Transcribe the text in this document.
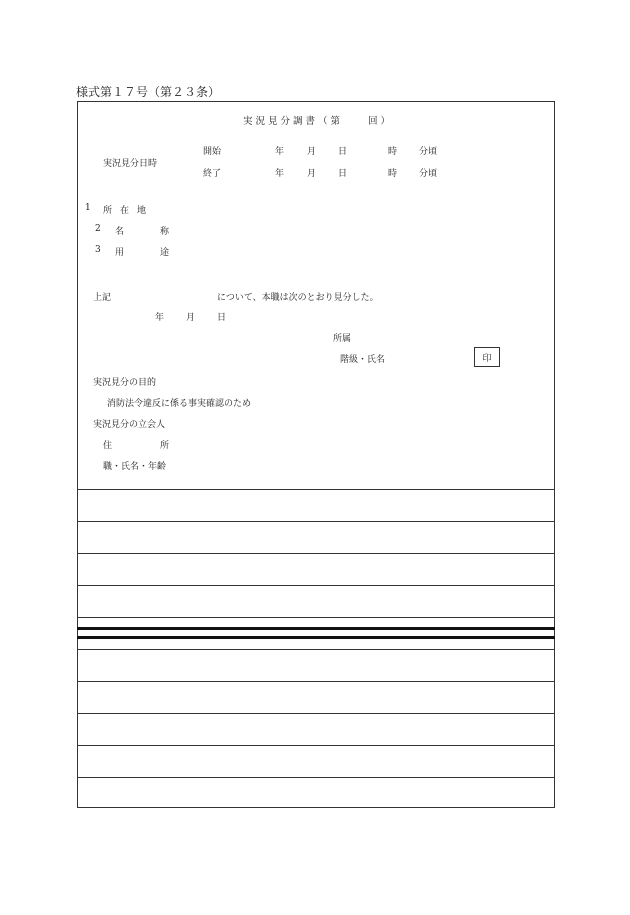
様式第１７号（第２３条）
実況見分調書（第　　回）
実況見分日時
開始	年	月 日	時 分頃
終了	年	月 日	時 分頃
1 所在地
2 名称
3 用途
上記	について、本職は次のとおり見分した。
年 月 日
所属
階級・氏名	印
実況見分の目的
消防法令違反に係る事実確認のため
実況見分の立会人
住所
職・氏名・年齢
